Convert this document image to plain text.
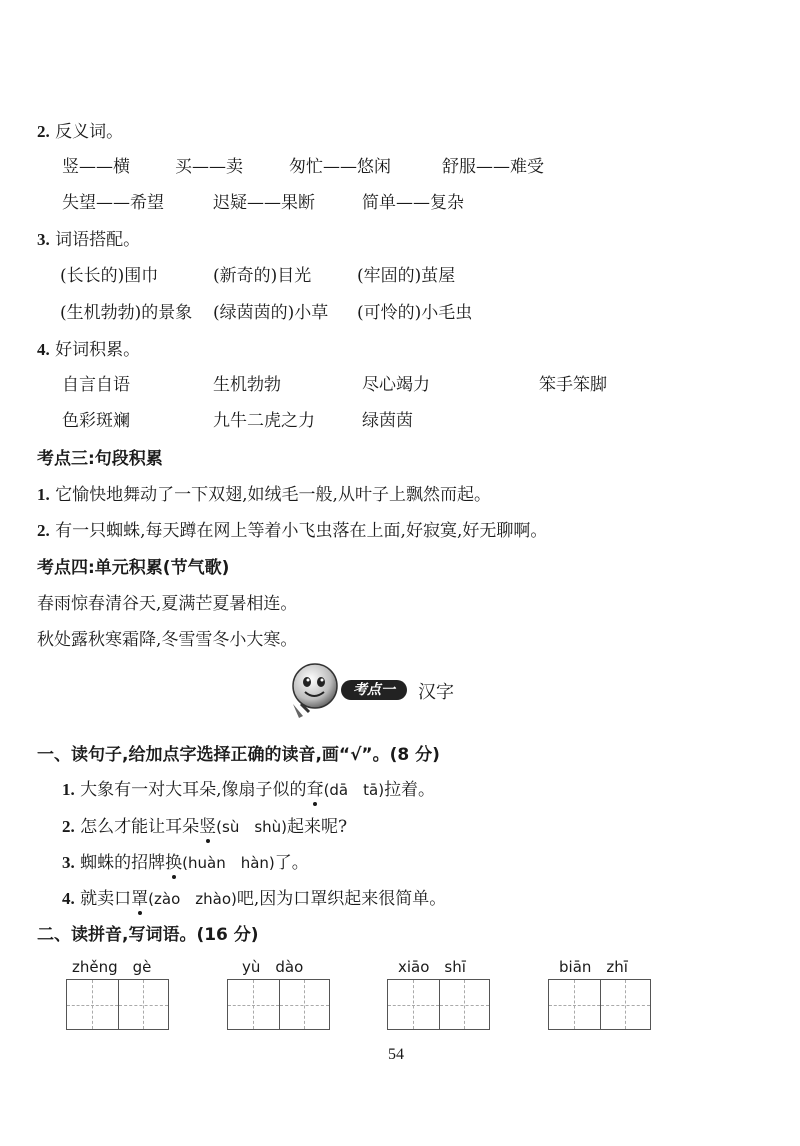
2. 反义词。
竖——横	买——卖	匆忙——悠闲	舒服——难受
失望——希望	迟疑——果断	简单——复杂
3. 词语搭配。
(长长的)围巾	(新奇的)目光	(牢固的)茧屋
(生机勃勃)的景象 (绿茵茵的)小草 (可怜的)小毛虫
4. 好词积累。
自言自语	生机勃勃	尽心竭力	笨手笨脚
色彩斑斓	九牛二虎之力	绿茵茵
考点三:句段积累
1. 它愉快地舞动了一下双翅,如绒毛一般,从叶子上飘然而起。
2. 有一只蜘蛛,每天蹲在网上等着小飞虫落在上面,好寂寞,好无聊啊。
考点四:单元积累(节气歌)
春雨惊春清谷天,夏满芒夏暑相连。
秋处露秋寒霜降,冬雪雪冬小大寒。
考点一	汉字
一、读句子,给加点字选择正确的读音,画“√”。(8 分)
1. 大象有一对大耳朵,像扇子似的耷(dā　tā)拉着。
2. 怎么才能让耳朵竖(sù　shù)起来呢?
3. 蜘蛛的招牌换(huàn　hàn)了。
4. 就卖口罩(zào　zhào)吧,因为口罩织起来很简单。
二、读拼音,写词语。(16 分)
zhěng　gè	yù　dào	xiāo　shī	biān　zhī
54
